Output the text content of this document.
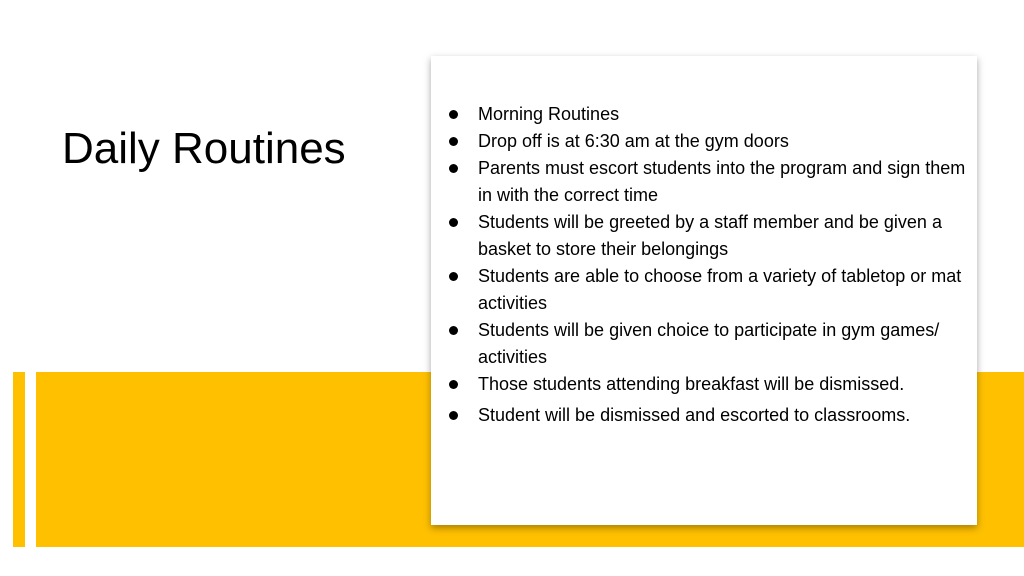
Daily Routines
Morning Routines
Drop off is at 6:30 am at the gym doors
Parents must escort students into the program and sign them in with the correct time
Students will be greeted by a staff member and be given a basket to store their belongings
Students are able to choose from a variety of tabletop or mat activities
Students will be given choice to participate in gym games/ activities
Those students attending breakfast will be dismissed.
Student will be dismissed and escorted to classrooms.
